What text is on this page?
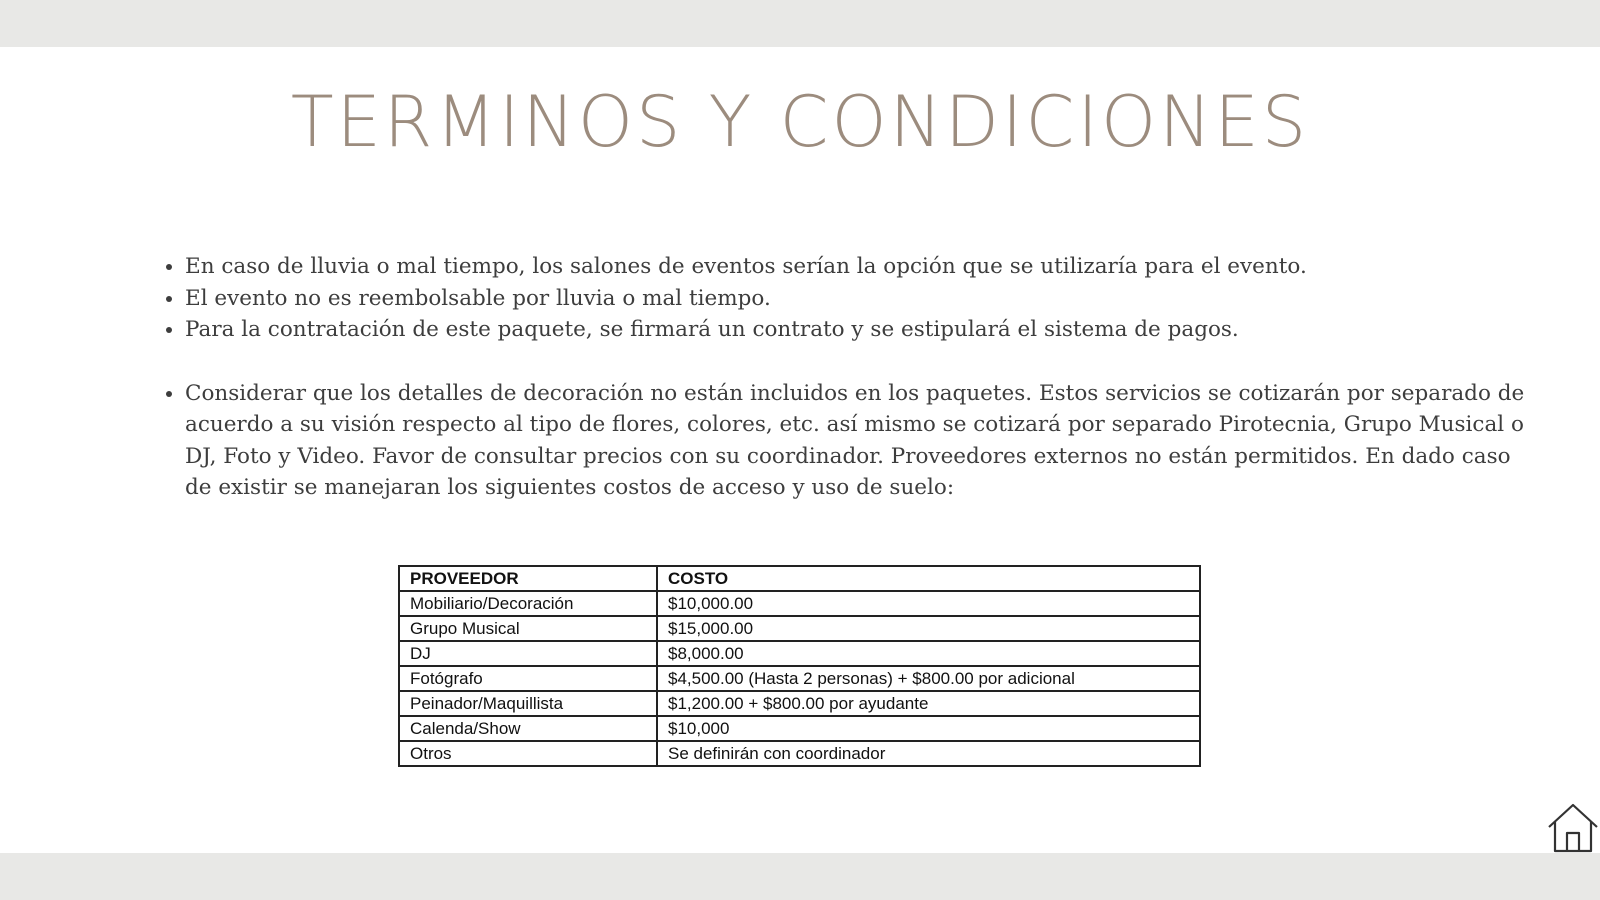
TERMINOS Y CONDICIONES
En caso de lluvia o mal tiempo, los salones de eventos serían la opción que se utilizaría para el evento.
El evento no es reembolsable por lluvia o mal tiempo.
Para la contratación de este paquete, se firmará un contrato y se estipulará el sistema de pagos.
Considerar que los detalles de decoración no están incluidos en los paquetes. Estos servicios se cotizarán por separado de acuerdo a su visión respecto al tipo de flores, colores, etc. así mismo se cotizará por separado Pirotecnia, Grupo Musical o DJ, Foto y Video. Favor de consultar precios con su coordinador. Proveedores externos no están permitidos. En dado caso de existir se manejaran los siguientes costos de acceso y uso de suelo:
PROVEEDOR	COSTO
Mobiliario/Decoración	$10,000.00
Grupo Musical	$15,000.00
DJ	$8,000.00
Fotógrafo	$4,500.00 (Hasta 2 personas) + $800.00 por adicional
Peinador/Maquillista	$1,200.00 + $800.00 por ayudante
Calenda/Show	$10,000
Otros	Se definirán con coordinador
